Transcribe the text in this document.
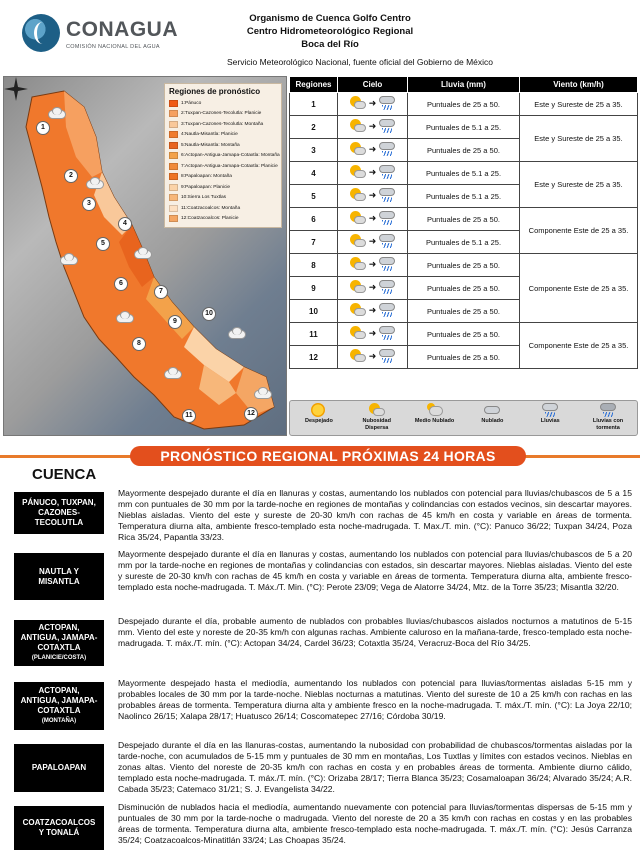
CONAGUA
COMISIÓN NACIONAL DEL AGUA
Organismo de Cuenca Golfo Centro
Centro Hidrometeorológico Regional
Boca del Río
Servicio Meteorológico Nacional, fuente oficial del Gobierno de México
Regiones de pronóstico
1:Pánuco
2:Tuxpan-Cazones-Tecolutla: Planicie
3:Tuxpan-Cazones-Tecolutla: Montaña
4:Nautla-Misantla: Planicie
5:Nautla-Misantla: Montaña
6:Actopan-Antigua-Jamapa-Cotaxtla: Montaña
7:Actopan-Antigua-Jamapa-Cotaxtla: Planicie
8:Papaloapan: Montaña
9:Papaloapan: Planicie
10:Sierra Los Tuxtlas
11:Coatzacoalcos: Montaña
12:Coatzacoalcos: Planicie
1
2
3
4
5
6
7
8
9
10
11	12
Regiones	Cielo	Lluvia (mm)	Viento (km/h)
1	➜	Puntuales de 25 a 50.	Este y Sureste de 25 a 35.
2	➜	Puntuales de 5.1 a 25.	Este y Sureste de 25 a 35.
3	➜	Puntuales de 25 a 50.	
4	➜	Puntuales de 5.1 a 25.	Este y Sureste de 25 a 35.
5	➜	Puntuales de 5.1 a 25.	
6	➜	Puntuales de 25 a 50.	Componente Este de 25 a 35.
7	➜	Puntuales de 5.1 a 25.	
8	➜	Puntuales de 25 a 50.	Componente Este de 25 a 35.
9	➜	Puntuales de 25 a 50.	
10	➜	Puntuales de 25 a 50.	
11	➜	Puntuales de 25 a 50.	Componente Este de 25 a 35.
12	➜	Puntuales de 25 a 50.	
Despejado	Nubosidad Dispersa
Medio Nublado	Nublado	Lluvias	Lluvias con tormenta
PRONÓSTICO REGIONAL PRÓXIMAS 24 HORAS
CUENCA
PÁNUCO, TUXPAN,
CAZONES-
TECOLUTLA
Mayormente despejado durante el día en llanuras y costas, aumentando los nublados con potencial para lluvias/chubascos de 5 a 15 mm con puntuales de 30 mm por la tarde-noche en regiones de montañas y colindancias con estados vecinos, sin descartar mayores. Nieblas aisladas. Viento del este y sureste de 20-30 km/h con rachas de 45 km/h en costa y variable en áreas de tormenta. Temperatura diurna alta, ambiente fresco-templado esta noche-madrugada. T. Max./T. min. (°C): Panuco 36/22; Tuxpan 34/24, Poza Rica 35/24, Papantla 33/23.
NAUTLA Y
MISANTLA
Mayormente despejado durante el día en llanuras y costas, aumentando los nublados con potencial para lluvias/chubascos de 5 a 20 mm por la tarde-noche en regiones de montañas y colindancias con estados, sin descartar mayores. Nieblas aisladas. Viento del este y sureste de 20-30 km/h con rachas de 45 km/h en costa y variable en áreas de tormenta. Temperatura diurna alta, ambiente fresco-templado esta noche-madrugada. T. Máx./T. Min. (°C): Perote 23/09; Vega de Alatorre 34/24, Mtz. de la Torre 35/23; Misantla 32/20.
ACTOPAN,
ANTIGUA, JAMAPA-
COTAXTLA
(PLANICIE/COSTA)
Despejado durante el día, probable aumento de nublados con probables lluvias/chubascos aislados nocturnos a matutinos de 5-15 mm. Viento del este y noreste de 20-35 km/h con algunas rachas. Ambiente caluroso en la mañana-tarde, fresco-templado esta noche-madrugada. T. máx./T. mín. (°C): Actopan 34/24, Cardel 36/23; Cotaxtla 35/24, Veracruz-Boca del Río 34/25.
ACTOPAN,
ANTIGUA, JAMAPA-
COTAXTLA
(MONTAÑA)
Mayormente despejado hasta el mediodía, aumentando los nublados con potencial para lluvias/tormentas aisladas 5-15 mm y probables locales de 30 mm por la tarde-noche. Nieblas nocturnas a matutinas. Viento del sureste de 10 a 25 km/h con rachas en las probables áreas de tormenta. Temperatura diurna alta y ambiente fresco en la noche-madrugada. T. máx./T. mín. (°C): La Joya 22/10; Naolinco 26/15; Xalapa 28/17; Huatusco 26/14; Coscomatepec 27/16; Córdoba 30/19.
PAPALOAPAN
Despejado durante el día en las llanuras-costas, aumentando la nubosidad con probabilidad de chubascos/tormentas aisladas por la tarde-noche, con acumulados de 5-15 mm y puntuales de 30 mm en montañas, Los Tuxtlas y límites con estados vecinos. Nieblas en zonas altas. Viento del noreste de 20-35 km/h con rachas en costa y en probables áreas de tormenta. Ambiente diurno cálido, templado esta noche-madrugada. T. máx./T. mín. (°C): Orizaba 28/17; Tierra Blanca 35/23; Cosamaloapan 36/24; Alvarado 35/24; A.R. Cabada 35/23; Catemaco 31/21; S. J. Evangelista 34/22.
COATZACOALCOS
Y TONALÁ
Disminución de nublados hacia el mediodía, aumentando nuevamente con potencial para lluvias/tormentas dispersas de 5-15 mm y puntuales de 30 mm por la tarde-noche o madrugada. Viento del noreste de 20 a 35 km/h con rachas en costas y en las probables áreas de tormenta. Temperatura diurna alta, ambiente fresco-templado esta noche-madrugada. T. máx./T. mín. (°C): Jesús Carranza 35/24; Coatzacoalcos-Minatitlán 33/24; Las Choapas 35/24.
